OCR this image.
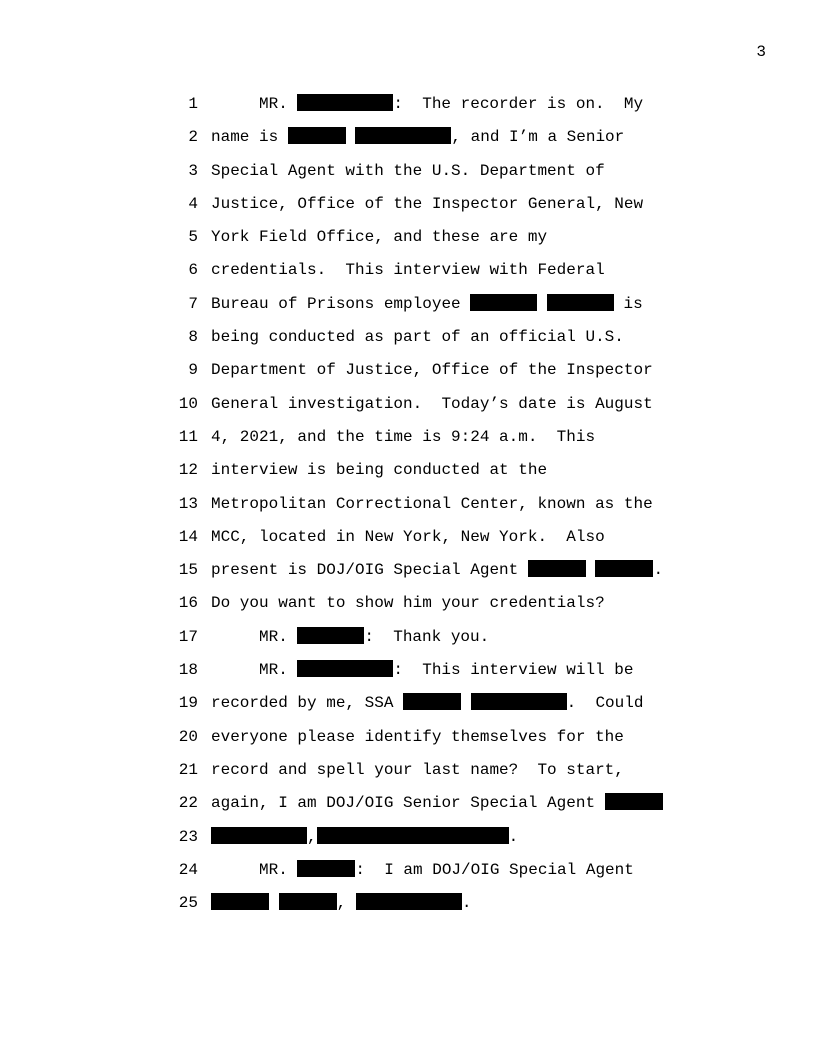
3
1	MR.	:  The recorder is on.  My
2 name is	, and I’m a Senior
3 Special Agent with the U.S. Department of
4 Justice, Office of the Inspector General, New
5 York Field Office, and these are my
6 credentials.  This interview with Federal
7 Bureau of Prisons employee	is
8 being conducted as part of an official U.S.
9 Department of Justice, Office of the Inspector
10 General investigation.  Today’s date is August
11 4, 2021, and the time is 9:24 a.m.  This
12 interview is being conducted at the
13 Metropolitan Correctional Center, known as the
14 MCC, located in New York, New York.  Also
15 present is DOJ/OIG Special Agent	.
16 Do you want to show him your credentials?
17	MR.	:  Thank you.
18	MR.	:  This interview will be
19 recorded by me, SSA	.  Could
20 everyone please identify themselves for the
21 record and spell your last name?  To start,
22 again, I am DOJ/OIG Senior Special Agent
23	,	.
24	MR.	:  I am DOJ/OIG Special Agent
25	,	.
